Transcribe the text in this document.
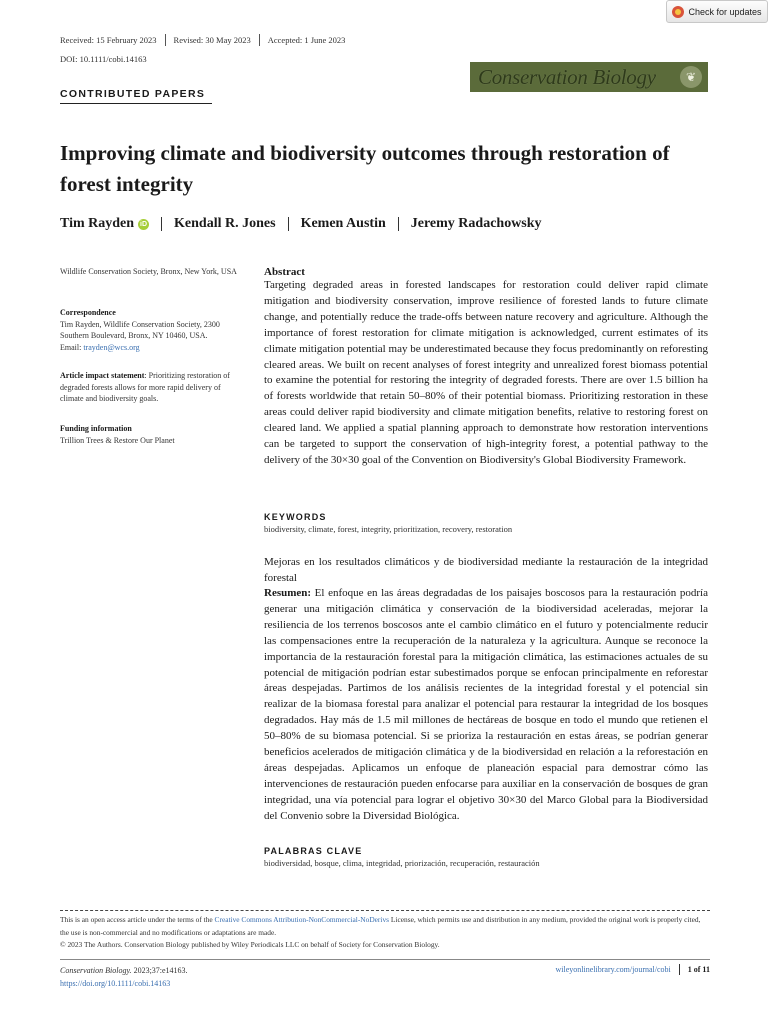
Received: 15 February 2023 Revised: 30 May 2023 Accepted: 1 June 2023
DOI: 10.1111/cobi.14163
Check for updates
Conservation Biology	❦
CONTRIBUTED PAPERS
Improving climate and biodiversity outcomes through restoration of forest integrity
Tim Rayden iD Kendall R. Jones Kemen Austin Jeremy Radachowsky
Wildlife Conservation Society, Bronx, New York, USA
Correspondence
Tim Rayden, Wildlife Conservation Society, 2300 Southern Boulevard, Bronx, NY 10460, USA.
Email: trayden@wcs.org
Article impact statement: Prioritizing restoration of degraded forests allows for more rapid delivery of climate and biodiversity goals.
Funding information
Trillion Trees & Restore Our Planet
Abstract

Targeting degraded areas in forested landscapes for restoration could deliver rapid climate mitigation and biodiversity conservation, improve resilience of forested lands to future climate change, and potentially reduce the trade-offs between nature recovery and agriculture. Although the importance of forest restoration for climate mitigation is acknowledged, current estimates of its climate mitigation potential may be underestimated because they focus predominantly on reforesting cleared areas. We built on recent analyses of forest integrity and unrealized forest biomass potential to examine the potential for restoring the integrity of degraded forests. There are over 1.5 billion ha of forests worldwide that retain 50–80% of their potential biomass. Prioritizing restoration in these areas could deliver rapid biodiversity and climate mitigation benefits, relative to restoring forest on cleared land. We applied a spatial planning approach to demonstrate how restoration interventions can be targeted to support the conservation of high-integrity forest, a potential pathway to the delivery of the 30×30 goal of the Convention on Biodiversity's Global Biodiversity Framework.

KEYWORDS
biodiversity, climate, forest, integrity, prioritization, recovery, restoration

Mejoras en los resultados climáticos y de biodiversidad mediante la restauración de la integridad forestal

Resumen: El enfoque en las áreas degradadas de los paisajes boscosos para la restauración podría generar una mitigación climática y conservación de la biodiversidad aceleradas, mejorar la resiliencia de los terrenos boscosos ante el cambio climático en el futuro y potencialmente reducir las compensaciones entre la recuperación de la naturaleza y la agricultura. Aunque se reconoce la importancia de la restauración forestal para la mitigación climática, las estimaciones actuales de su potencial de mitigación podrían estar subestimados porque se enfocan principalmente en reforestar áreas despejadas. Partimos de los análisis recientes de la integridad forestal y el potencial sin realizar de la biomasa forestal para analizar el potencial para restaurar la integridad de los bosques degradados. Hay más de 1.5 mil millones de hectáreas de bosque en todo el mundo que retienen el 50–80% de su biomasa potencial. Si se prioriza la restauración en estas áreas, se podrían generar beneficios acelerados de mitigación climática y de la biodiversidad en relación a la reforestación en áreas despejadas. Aplicamos un enfoque de planeación espacial para demostrar cómo las intervenciones de restauración pueden enfocarse para auxiliar en la conservación de bosques de gran integridad, una vía potencial para lograr el objetivo 30×30 del Marco Global para la Biodiversidad del Convenio sobre la Diversidad Biológica.

PALABRAS CLAVE
biodiversidad, bosque, clima, integridad, priorización, recuperación, restauración

This is an open access article under the terms of the Creative Commons Attribution-NonCommercial-NoDerivs License, which permits use and distribution in any medium, provided the original work is properly cited, the use is non-commercial and no modifications or adaptations are made.
© 2023 The Authors. Conservation Biology published by Wiley Periodicals LLC on behalf of Society for Conservation Biology.

Conservation Biology. 2023;37:e14163.
https://doi.org/10.1111/cobi.14163
wileyonlinelibrary.com/journal/cobi 1 of 11
